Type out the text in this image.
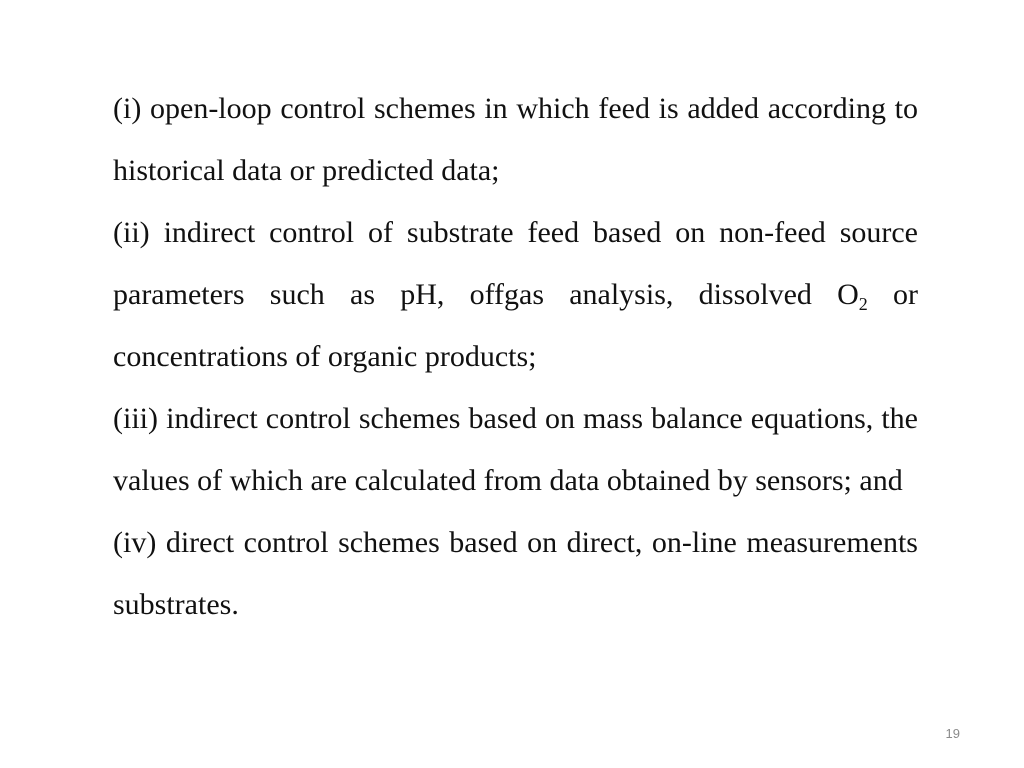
(i) open-loop control schemes in which feed is added according to historical data or predicted data;

(ii) indirect control of substrate feed based on non-feed source parameters such as pH, offgas analysis, dissolved $O_2$ or concentrations of organic products;

(iii) indirect control schemes based on mass balance equations, the values of which are calculated from data obtained by sensors; and

(iv) direct control schemes based on direct, on-line measurements substrates.

19
